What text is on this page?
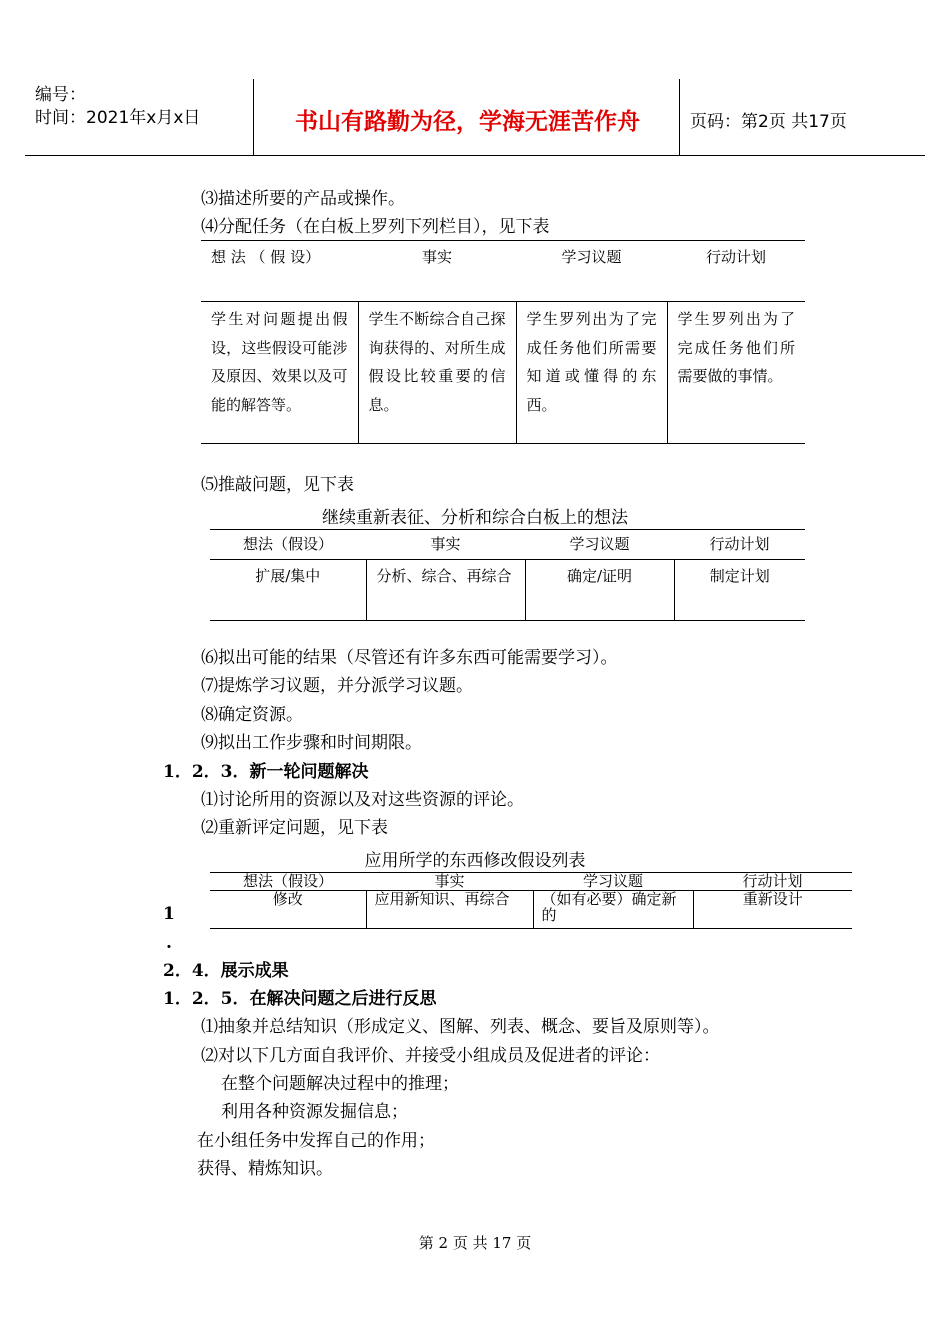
编号：
时间：2021年x月x日	书山有路勤为径，学海无涯苦作舟	页码：第2页 共17页
⑶描述所要的产品或操作。
⑷分配任务（在白板上罗列下列栏目），见下表
想 法 （ 假 设）	事实	学习议题	行动计划
学生对问题提出假设，这些假设可能涉及原因、效果以及可能的解答等。	学生不断综合自己探询获得的、对所生成假设比较重要的信息。	学生罗列出为了完成任务他们所需要知道或懂得的东西。	学生罗列出为了完成任务他们所需要做的事情。
⑸推敲问题，见下表
继续重新表征、分析和综合白板上的想法
想法（假设）	事实	学习议题	行动计划
扩展/集中	分析、综合、再综合	确定/证明	制定计划
⑹拟出可能的结果（尽管还有许多东西可能需要学习）。
⑺提炼学习议题，并分派学习议题。
⑻确定资源。
⑼拟出工作步骤和时间期限。
1．2．3．新一轮问题解决
⑴讨论所用的资源以及对这些资源的评论。
⑵重新评定问题，见下表
应用所学的东西修改假设列表
想法（假设）	事实	学习议题	行动计划
修改	应用新知识、再综合	（如有必要）确定新的	重新设计
1
.
2．4．展示成果
1．2．5．在解决问题之后进行反思
⑴抽象并总结知识（形成定义、图解、列表、概念、要旨及原则等）。
⑵对以下几方面自我评价、并接受小组成员及促进者的评论：
在整个问题解决过程中的推理；
利用各种资源发掘信息；
在小组任务中发挥自己的作用；
获得、精炼知识。
第 2 页 共 17 页
